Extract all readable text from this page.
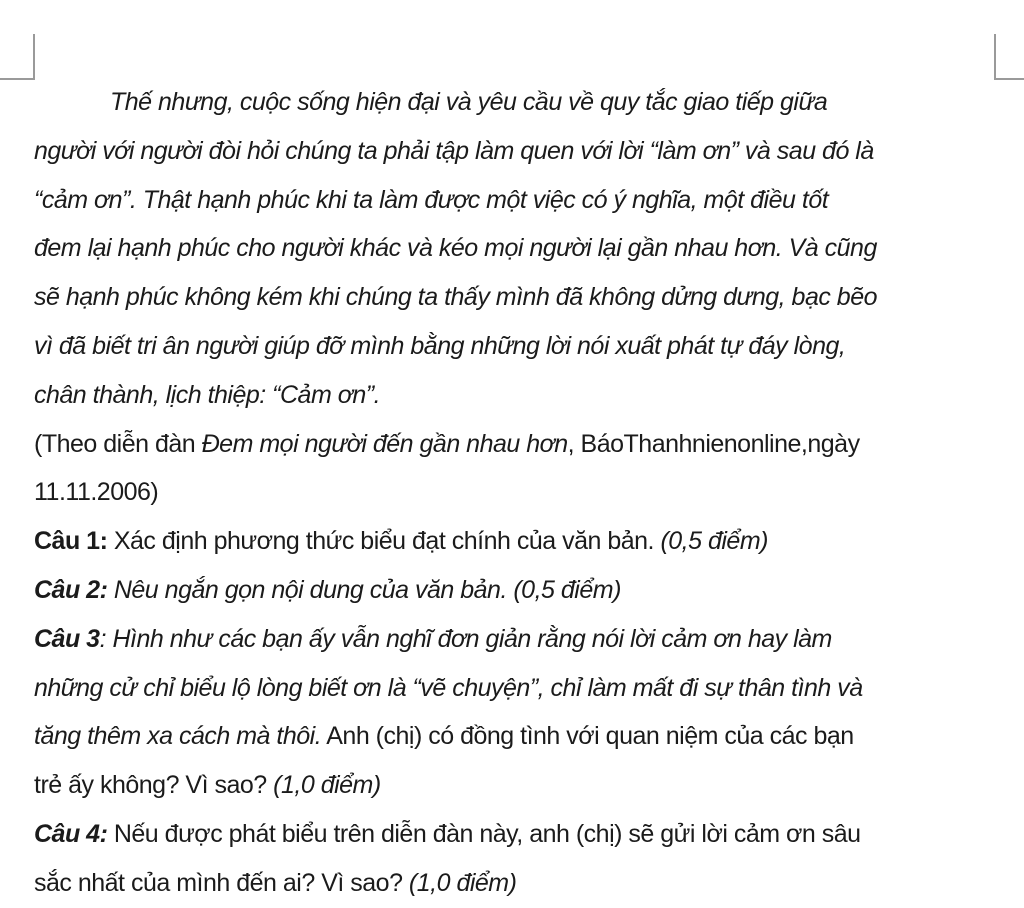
Thế nhưng, cuộc sống hiện đại và yêu cầu về quy tắc giao tiếp giữa

người với người đòi hỏi chúng ta phải tập làm quen với lời “làm ơn” và sau đó là

“cảm ơn”. Thật hạnh phúc khi ta làm được một việc có ý nghĩa, một điều tốt

đem lại hạnh phúc cho người khác và kéo mọi người lại gần nhau hơn. Và cũng

sẽ hạnh phúc không kém khi chúng ta thấy mình đã không dửng dưng, bạc bẽo

vì đã biết tri ân người giúp đỡ mình bằng những lời nói xuất phát tự đáy lòng,

chân thành, lịch thiệp: “Cảm ơn”.

(Theo diễn đàn Đem mọi người đến gần nhau hơn, BáoThanhnienonline,ngày

11.11.2006)

Câu 1: Xác định phương thức biểu đạt chính của văn bản. (0,5 điểm)

Câu 2: Nêu ngắn gọn nội dung của văn bản. (0,5 điểm)

Câu 3: Hình như các bạn ấy vẫn nghĩ đơn giản rằng nói lời cảm ơn hay làm

những cử chỉ biểu lộ lòng biết ơn là “vẽ chuyện”, chỉ làm mất đi sự thân tình và

tăng thêm xa cách mà thôi. Anh (chị) có đồng tình với quan niệm của các bạn

trẻ ấy không? Vì sao? (1,0 điểm)

Câu 4: Nếu được phát biểu trên diễn đàn này, anh (chị) sẽ gửi lời cảm ơn sâu

sắc nhất của mình đến ai? Vì sao? (1,0 điểm)
